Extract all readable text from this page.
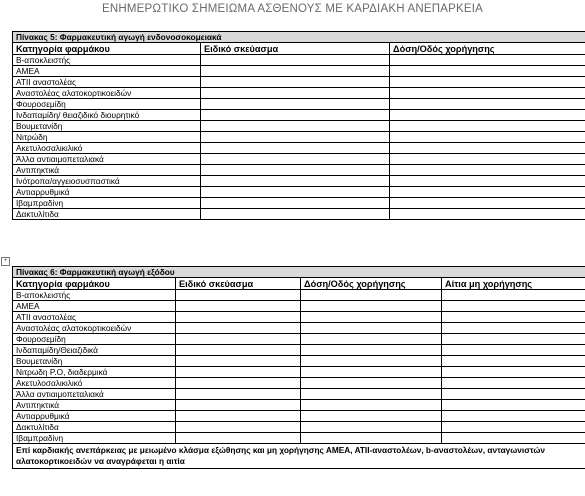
ΕΝΗΜΕΡΩΤΙΚΟ ΣΗΜΕΙΩΜΑ ΑΣΘΕΝΟΥΣ ΜΕ ΚΑΡΔΙΑΚΗ ΑΝΕΠΑΡΚΕΙΑ
Πίνακας 5: Φαρμακευτική αγωγή ενδονοσοκομειακά		
Κατηγορία φαρμάκου	Ειδικό σκεύασμα	Δόση/Οδός χορήγησης
Β-αποκλειστής		
ΑΜΕΑ		
ΑΤΙΙ αναστολέας		
Αναστολέας αλατοκορτικοειδών		
Φουροσεμίδη		
Ινδαπαμίδη/ θειαζιδικό διουρητικό		
Βουμετανίδη		
Νιτρώδη		
Ακετυλοσαλικιλικό		
Άλλα αντιαιμοπεταλιακά		
Αντιπηκτικά		
Ινότροπα/αγγειοσυσπαστικά		
Αντιαρρυθμικά		
Ιβαμπραδίνη		
Δακτυλίτιδα		
+
Πίνακας 6: Φαρμακευτική αγωγή εξόδου			
Κατηγορία φαρμάκου	Ειδικό σκεύασμα	Δόση/Οδός χορήγησης	Αίτια μη χορήγησης
Β-αποκλειστής			
ΑΜΕΑ			
ΑΤΙΙ αναστολέας			
Αναστολέας αλατοκορτικοειδών			
Φουροσεμίδη			
Ινδαπαμίδη/Θειαζιδικά			
Βουμετανίδη			
Νιτρωδη P.O, διαδερμικά			
Ακετυλοσαλικιλικό			
Άλλα αντιαιμοπεταλιακά			
Αντιπηκτικά			
Αντιαρρυθμικά			
Δακτυλίτιδα			
Ιβαμπραδίνη			
Επί καρδιακής ανεπάρκειας με μειωμένο κλάσμα εξώθησης και μη χορήγησης ΑΜΕΑ, ΑΤΙΙ-αναστολέων, b-αναστολέων, ανταγωνιστών αλατοκορτικοειδών να αναγράφεται η αιτία			
